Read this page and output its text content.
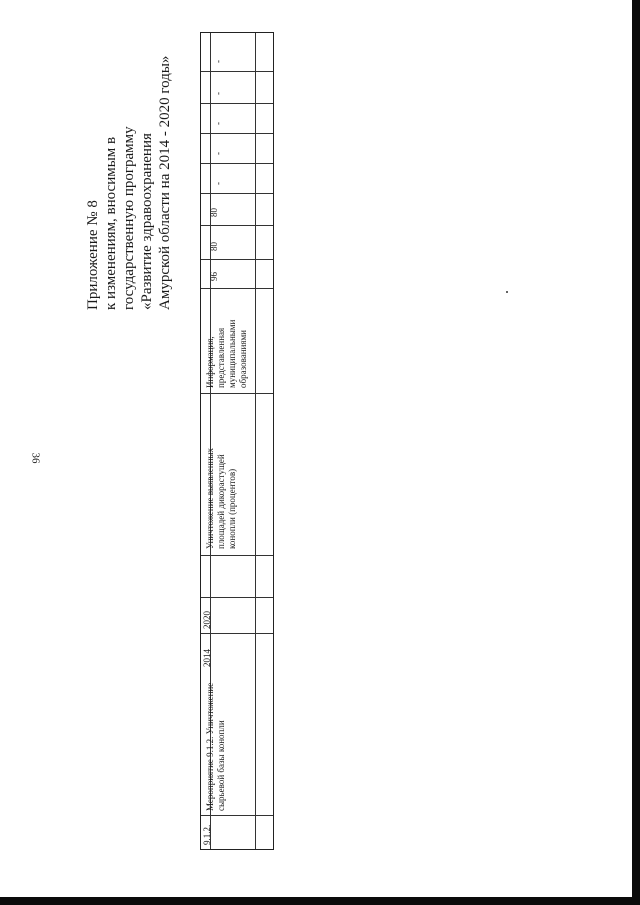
36
Приложение № 8 к изменениям, вносимым в государственную программу «Развитие здравоохранения Амурской области на 2014 - 2020 годы»	-
-
-
-
-
80
80
96
Информация, представленная муниципальными образованиями
Уничтожение выявленных площадей дикорастущей конопли (процентов)
2020
2014
Мероприятие 9.1.2. Уничтожение сырьевой базы конопли
9.1.2.
